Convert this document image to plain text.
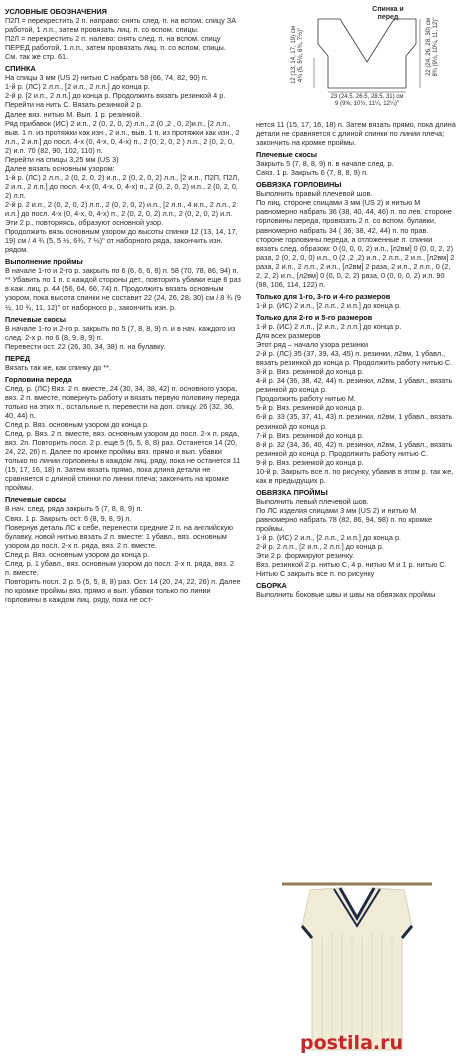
УСЛОВНЫЕ ОБОЗНАЧЕНИЯ
П2П = перекрестить 2 п. направо: снять след. п. на вспом. спицу ЗА работой, 1 л.п., затем провязать лиц. п. со вспом. спицы.
П2Л = перекрестить 2 п. налево: снять след. п. на вспом. спицу ПЕРЕД работой, 1 л.п., затем провязать лиц. п. со вспом. спицы.
См. так же стр. 61.
СПИНКА
На спицы 3 мм (US 2) нитью С набрать 58 (66, 74, 82, 90) п.
1-й р. (ЛС) 2 л.п., [2 и.п., 2 л.п.] до конца р.
2-й р. [2 и.п., 2 л.п.] до конца р. Продолжить вязать резинкой 4 р.
Перейти на нить С. Вязать резинкой 2 р.
Далее вяз. нитью М. Вып. 1 р. резинкой.
Ряд прибавок (ИС) 2 и.п., 2 (0, 2, 0, 2) л.п., 2 (0 ,2 , 0, 2)и.п., [2 л.п., выв. 1 п. из протяжки как изн., 2 и.п., выв. 1 п. из протяжки как изн., 2 л.п., 2 и.п.] до посл. 4-х (0, 4-х, 0, 4-х) п., 2 (0, 2, 0, 2 ) л.п., 2 (0, 2, 0, 2) и.п. 70 (82, 90, 102, 110) п.
Перейти на спицы 3,25 мм (US 3)
Далее вязать основным узором:
1-й р. (ЛС) 2 л.п., 2 (0, 2, 0, 2) и.п., 2 (0, 2, 0, 2) л.п., [2 и.п., П2П, П2Л, 2 и.п., 2 л.п.] до посл. 4-х (0, 4-х, 0, 4-х) п., 2 (0, 2, 0, 2) и.п., 2 (0, 2, 0, 2) л.п.
2-й р. 2 и.п., 2 (0, 2, 0, 2) л.п., 2 (0, 2, 0, 2) и.п., [2 л.п., 4 и.п., 2 л.п., 2 и.п.] до посл. 4-х (0, 4-х, 0, 4-х) п., 2 (0, 2, 0, 2) л.п., 2 (0, 2, 0, 2) и.п.
Эти 2 р., повторяясь, образуют основной узор.
Продолжить вязь основным узором до высоты спинки 12 (13, 14, 17, 19) см / 4 ¾ (5, 5 ½, 6¾, 7 ½)" от наборного ряда, закончить изн. рядом.
Выполнение проймы
В начале 1-го и 2-го р. закрыть по 6 (6, 6, 6, 8) п. 58 (70, 78, 86, 94) п. ** Убавить по 1 п. с каждой стороны дет., повторить убавки еще 6 раз в каж. лиц. р. 44 (56, 64, 66, 74) п. Продолжить вязать основным узором, пока высота спинки не составит 22 (24, 26, 28, 30) см / 8 ¾ (9 ½, 10 ¾, 11, 12)" от наборного р., закончить изн. р.
Плечевые скосы
В начале 1-го и 2-го р. закрыть по 5 (7, 8, 8, 9) п. и в нач. каждого из след. 2-х р. по 6 (8, 9, 8, 9) п.
Перевести ост. 22 (26, 30, 34, 38) п. на булавку.
ПЕРЕД
Вязать так же, как спинку до **.
Горловина переда
След. р. (ЛС) Вяз. 2 п. вместе, 24 (30, 34, 38, 42) п. основного узора, вяз. 2 п. вместе, повернуть работу и вязать первую половину переда только на этих п., остальные п. перевести на доп. спицу. 26 (32, 36, 40, 44) п.
След р. Вяз. основным узором до конца р.
След. р. Вяз. 2 п. вместе, вяз. основным узором до посл. 2-х п. ряда, вяз. 2п. Повторить посл. 2 р. еще 5 (5, 5, 8, 8) раз. Останется 14 (20, 24, 22, 26) п. Далее по кромке проймы вяз. прямо и вып. убавки только по линии горловины в каждом лиц. ряду, пока не останется 11 (15, 17, 16, 18) п. Затем вязать прямо, пока длина детали не сравняется с длиной спинки по линии плеча; закончить на кромке проймы.
Плечевые скосы
В нач. след. ряда закрыть 5 (7, 8, 8, 9) п.
Связ. 1 р. Закрыть ост. 6 (8, 9, 8, 9) п.
Повернув деталь ЛС к себе, перенести средние 2 п. на английскую булавку, новой нитью вязать 2 п. вместе: 1 убавл., вяз. основным узором до посл. 2-х п. ряда, вяз. 2 п. вместе.
След р. Вяз. основным узором до конца р.
След. р. 1 убавл., вяз. основным узором до посл. 2-х п. ряда, вяз. 2 п. вместе.
Повторить посл. 2 р. 5 (5, 5, 8, 8) раз. Ост. 14 (20, 24, 22, 26) п. Далее по кромке проймы вяз. прямо и вып. убавки только по линии горловины в каждом лиц. ряду, пока не ост-
нется 11 (15, 17, 16, 18) п. Затем вязать прямо, пока длина детали не сравняется с длиной спинки по линии плеча; закончить на кромке проймы.
Плечевые скосы
Закрыть 5 (7, 8, 8, 9) п. в начале след. р.
Связ. 1 р. Закрыть 6 (7, 8, 8, 9) п.
ОБВЯЗКА ГОРЛОВИНЫ
Выполнить правый плечевой шов.
По лиц. стороне спицами 3 мм (US 2) и нитью М равномерно набрать 36 (38, 40, 44, 46) п. по лев. стороне горловины переда, провязать 2 п. со вспом. булавки, равномерно набрать 34 ( 36, 38, 42, 44) п. по прав. стороне горловины переда, а отложенные п. спинки вязать след. образом: 0 (0, 0, 0, 2) и.п., [л2вм] 0 (0, 0, 2, 2) раза, 2 (0, 2, 0, 0) и.п., 0 (2 ,2 ,2) и.п., 2 л.п., 2 и.п., [л2вм] 2 раза, 2 и.п., 2 л.п., 2 и.п., [л2вм] 2 раза, 2 и.п., 2 л.п., 0 (2, 2, 2, 2) и.п., [л2вм] 0 (0, 0, 2, 2) раза, 0 (0, 0, 0, 2) и.п. 90 (98, 106, 114, 122) п.
Только для 1-го, 3-го и 4-го размеров
1-й р. (ИС) 2 и.п., [2 л.п., 2 и.п.] до конца р.
Только для 2-го и 5-го размеров
1-й р. (ИС) 2 л.п., [2 и.п., 2 л.п.] до конца р.
Для всех размеров
Этот ряд – начало узора резинки
2-й р. (ЛС) 35 (37, 39, 43, 45) п. резинки, л2вм, 1 убавл., вязать резинкой до конца р. Продолжить работу нитью С.
3-й р. Вяз. резинкой до конца р.
4-й р. 34 (36, 38, 42, 44) п. резинки, л2вм, 1 убавл., вязать резинкой до конца р.
Продолжить работу нитью М.
5-й р. Вяз. резинкой до конца р.
6-й р. 33 (35, 37, 41, 43) п. резинки, л2вм, 1 убавл., вязать резинкой до конца р.
7-й р. Вяз. резинкой до конца р.
8-й р. 32 (34, 36, 40, 42) п. резинки, л2вм, 1 убавл., вязать резинкой до конца р. Продолжить работу нитью С.
9-й р. Вяз. резинкой до конца р.
10-й р. Закрыть все п. по рисунку, убавив в этом р. так же, как в предыдущих р.
ОБВЯЗКА ПРОЙМЫ
Выполнить левый плечевой шов.
По ЛС изделия спицами 3 мм (US 2) и нитью М равномерно набрать 78 (82, 86, 94, 98) п. по кромке проймы.
1-й р. (ИС) 2 и.п., [2 л.п., 2 и.п.] до конца р.
2-й р. 2 л.п., [2 и.п., 2 л.п.] до конца р.
Эти 2 р. формируют резинку.
Вяз. резинкой 2 р. нитью С, 4 р. нитью М и 1 р. нитью С. Нитью С закрыть все п. по рисунку
СБОРКА
Выполнить боковые швы и швы на обвязках проймы
Спинка и перед
12 (13, 14, 17, 19) см
4¾ (5, 5½, 6¾, 7½)"
22 (24, 26, 28, 30) см
8¾ (9½, 10¼, 11, 12)"
23 (24.5, 26.5, 28.5, 31) см
9 (9⅝, 10½, 11¼, 12¼)"
postila.ru
